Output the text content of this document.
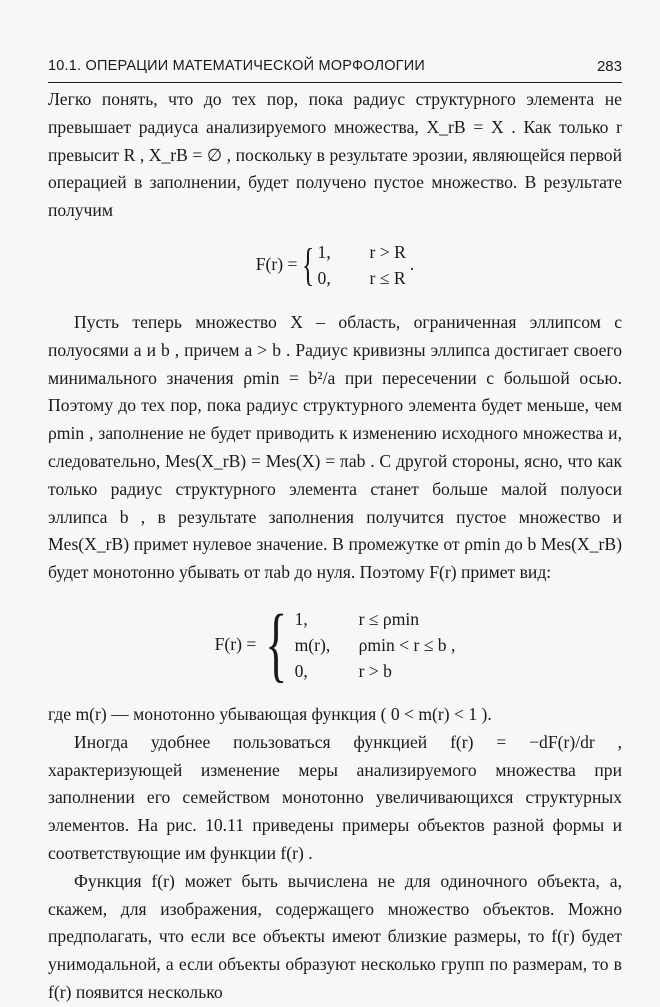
10.1. ОПЕРАЦИИ МАТЕМАТИЧЕСКОЙ МОРФОЛОГИИ	283

Легко понять, что до тех пор, пока радиус структурного элемента не превышает радиуса анализируемого множества, X_rB = X . Как только r превысит R , X_rB = ∅ , поскольку в результате эрозии, являющейся первой операцией в заполнении, будет получено пустое множество. В результате получим

F(r) = { 1,	r > R
0,	r ≤ R
.

Пусть теперь множество X – область, ограниченная эллипсом с полуосями a и b , причем a > b . Радиус кривизны эллипса достигает своего минимального значения ρmin = b²/a при пересечении с большой осью. Поэтому до тех пор, пока радиус структурного элемента будет меньше, чем ρmin , заполнение не будет приводить к изменению исходного множества и, следовательно, Mes(X_rB) = Mes(X) = πab . С другой стороны, ясно, что как только радиус структурного элемента станет больше малой полуоси эллипса b , в результате заполнения получится пустое множество и Mes(X_rB) примет нулевое значение. В промежутке от ρmin до b Mes(X_rB) будет монотонно убывать от πab до нуля. Поэтому F(r) примет вид:

F(r) = { 1,	r ≤ ρmin
m(r),	ρmin < r ≤ b ,
0,	r > b

где m(r) — монотонно убывающая функция ( 0 < m(r) < 1 ).

Иногда удобнее пользоваться функцией f(r) = −dF(r)/dr , характеризующей изменение меры анализируемого множества при заполнении его семейством монотонно увеличивающихся структурных элементов. На рис. 10.11 приведены примеры объектов разной формы и соответствующие им функции f(r) .

Функция f(r) может быть вычислена не для одиночного объекта, а, скажем, для изображения, содержащего множество объектов. Можно предполагать, что если все объекты имеют близкие размеры, то f(r) будет унимодальной, а если объекты образуют несколько групп по размерам, то в f(r) появится несколько
